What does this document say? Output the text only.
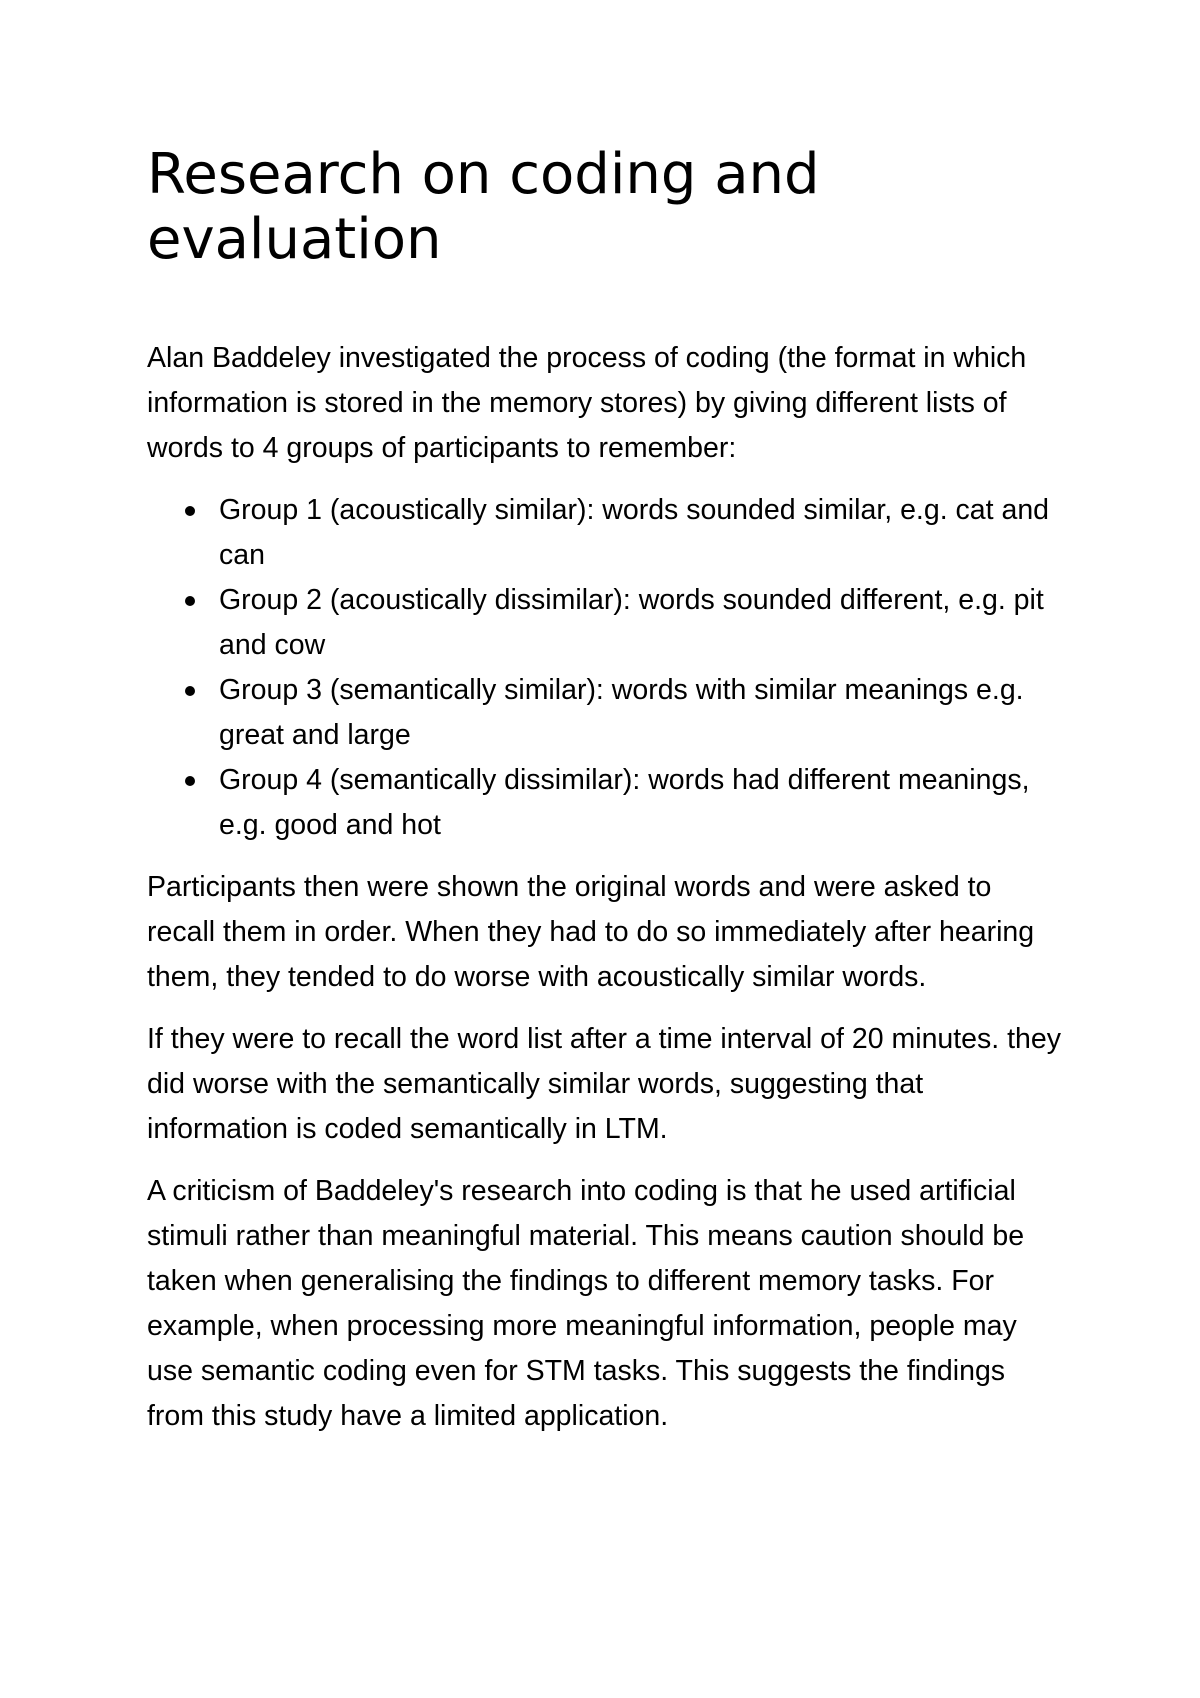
Research on coding and evaluation

Alan Baddeley investigated the process of coding (the format in which information is stored in the memory stores) by giving different lists of words to 4 groups of participants to remember:

Group 1 (acoustically similar): words sounded similar, e.g. cat and can
Group 2 (acoustically dissimilar): words sounded different, e.g. pit and cow
Group 3 (semantically similar): words with similar meanings e.g. great and large
Group 4 (semantically dissimilar): words had different meanings, e.g. good and hot

Participants then were shown the original words and were asked to recall them in order. When they had to do so immediately after hearing them, they tended to do worse with acoustically similar words.

If they were to recall the word list after a time interval of 20 minutes. they did worse with the semantically similar words, suggesting that information is coded semantically in LTM.

A criticism of Baddeley's research into coding is that he used artificial stimuli rather than meaningful material. This means caution should be taken when generalising the findings to different memory tasks. For example, when processing more meaningful information, people may use semantic coding even for STM tasks. This suggests the findings from this study have a limited application.
